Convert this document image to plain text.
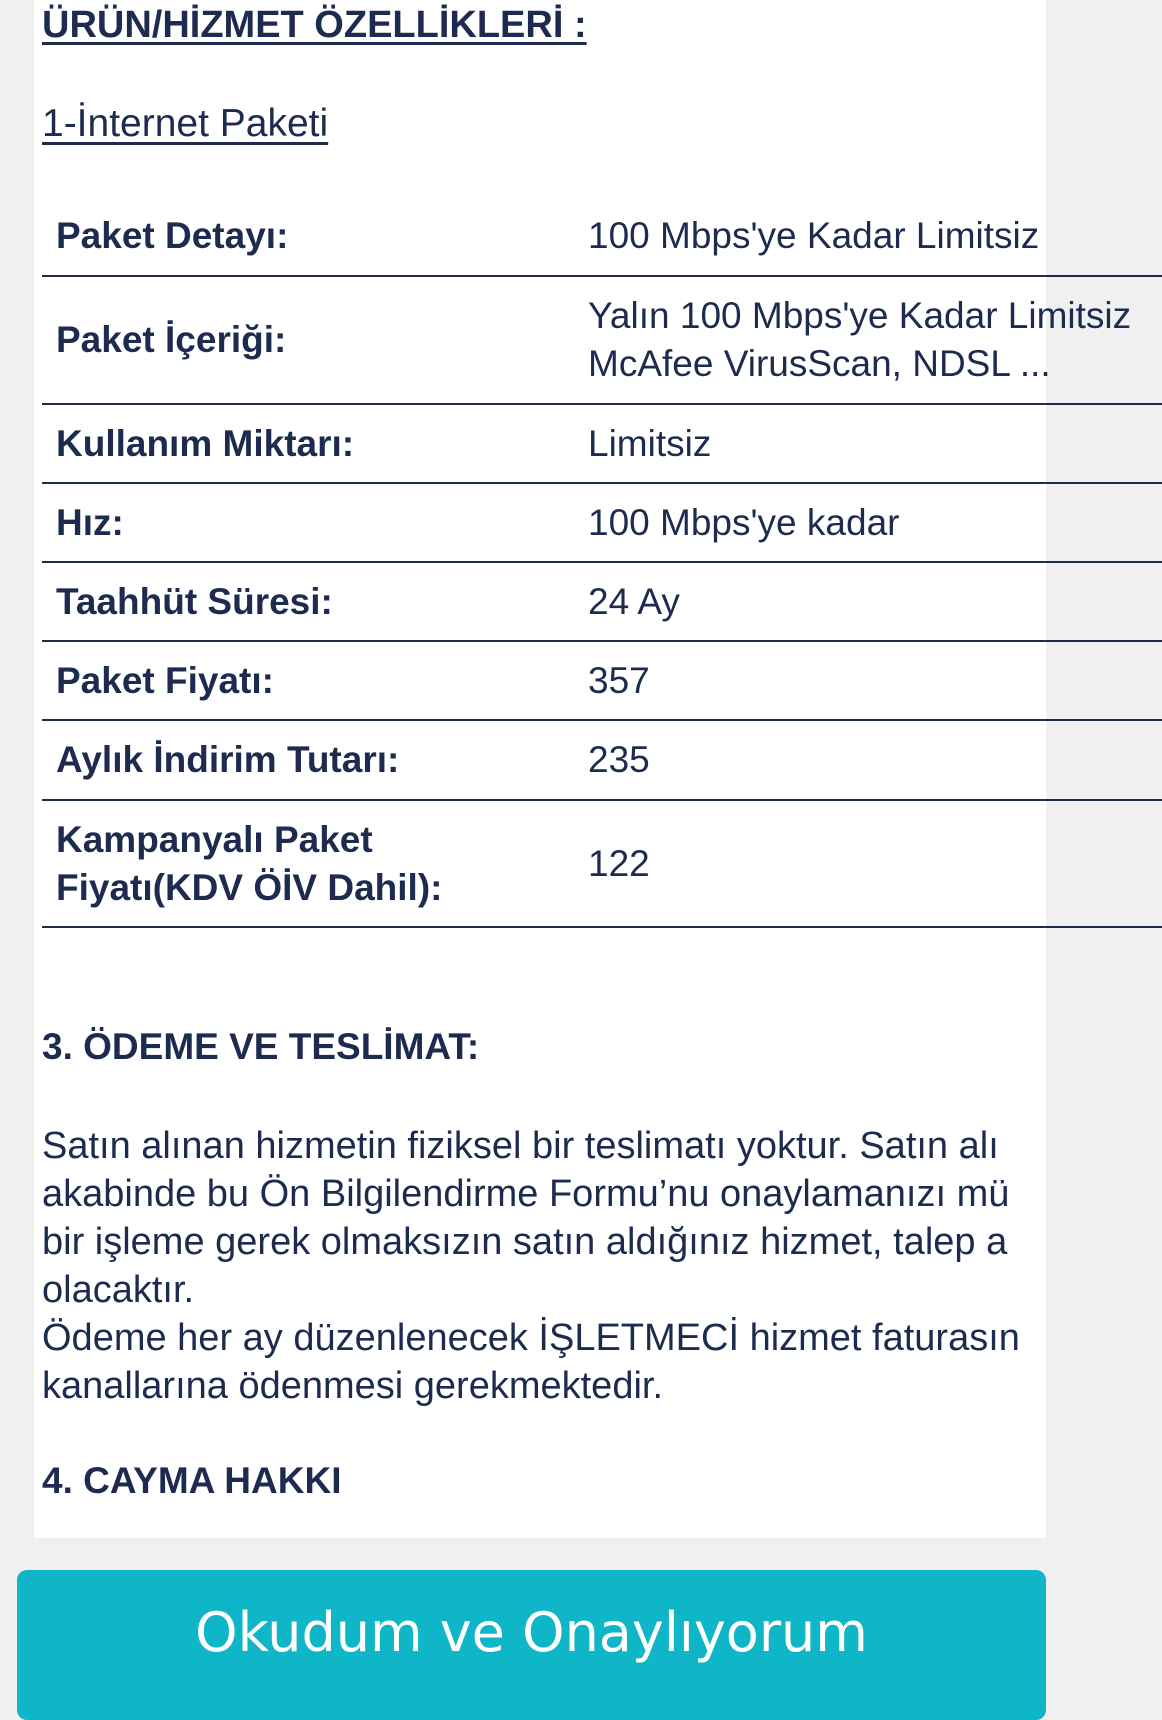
ÜRÜN/HİZMET ÖZELLİKLERİ :

1-İnternet Paketi

Paket Detayı:	100 Mbps'ye Kadar Limitsiz

Paket İçeriği:	Yalın 100 Mbps'ye Kadar Limitsiz
McAfee VirusScan, NDSL ...

Kullanım Miktarı:	Limitsiz

Hız:	100 Mbps'ye kadar

Taahhüt Süresi:	24 Ay

Paket Fiyatı:	357

Aylık İndirim Tutarı:	235

Kampanyalı Paket
Fiyatı(KDV ÖİV Dahil):	122
3. ÖDEME VE TESLİMAT:

Satın alınan hizmetin fiziksel bir teslimatı yoktur. Satın alı
akabinde bu Ön Bilgilendirme Formu’nu onaylamanızı mü
bir işleme gerek olmaksızın satın aldığınız hizmet, talep a
olacaktır.
Ödeme her ay düzenlenecek İŞLETMECİ hizmet faturasın
kanallarına ödenmesi gerekmektedir.

4. CAYMA HAKKI
Okudum ve Onaylıyorum
